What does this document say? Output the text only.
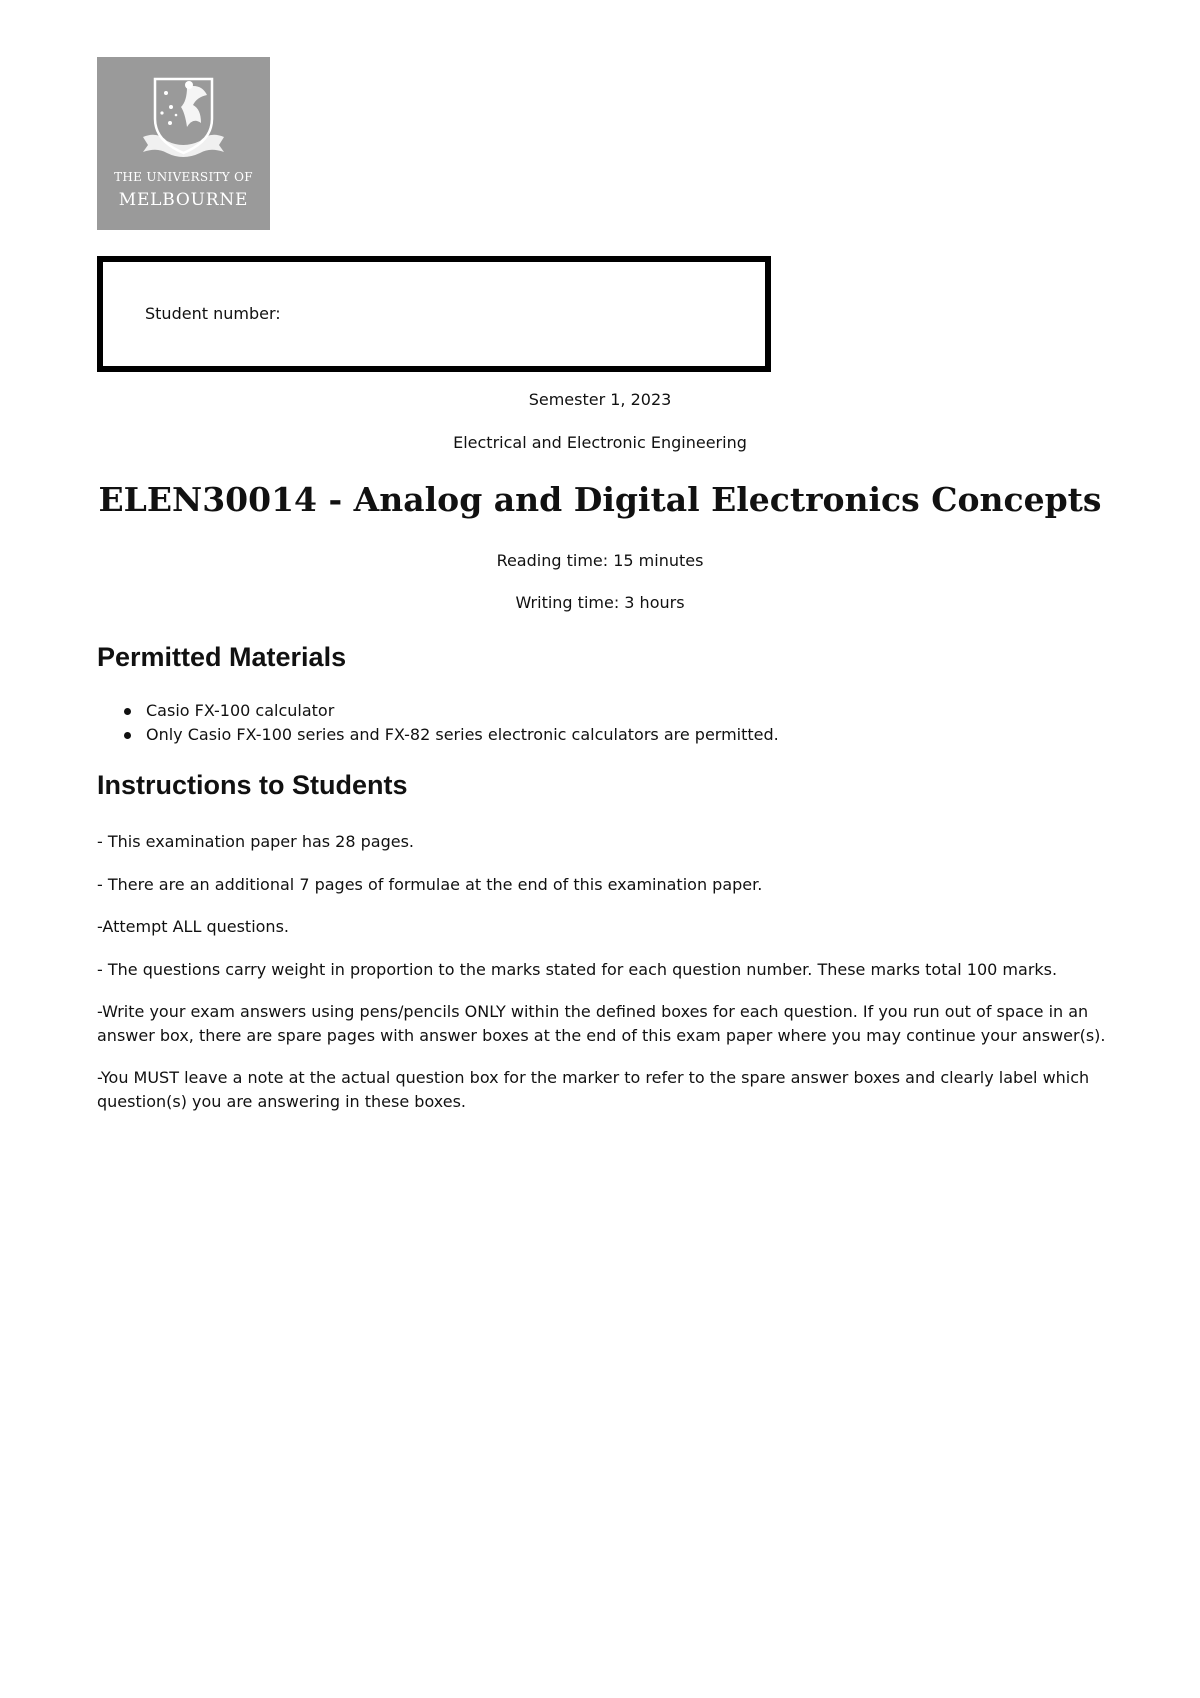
THE UNIVERSITY OF
MELBOURNE
Student number:
Semester 1, 2023
Electrical and Electronic Engineering
ELEN30014 - Analog and Digital Electronics Concepts
Reading time: 15 minutes
Writing time: 3 hours
Permitted Materials
Casio FX-100 calculator
Only Casio FX-100 series and FX-82 series electronic calculators are permitted.
Instructions to Students

- This examination paper has 28 pages.

- There are an additional 7 pages of formulae at the end of this examination paper.

-Attempt ALL questions.

- The questions carry weight in proportion to the marks stated for each question number. These marks total 100 marks.

-Write your exam answers using pens/pencils ONLY within the defined boxes for each question. If you run out of space in an answer box, there are spare pages with answer boxes at the end of this exam paper where you may continue your answer(s).

-You MUST leave a note at the actual question box for the marker to refer to the spare answer boxes and clearly label which question(s) you are answering in these boxes.
